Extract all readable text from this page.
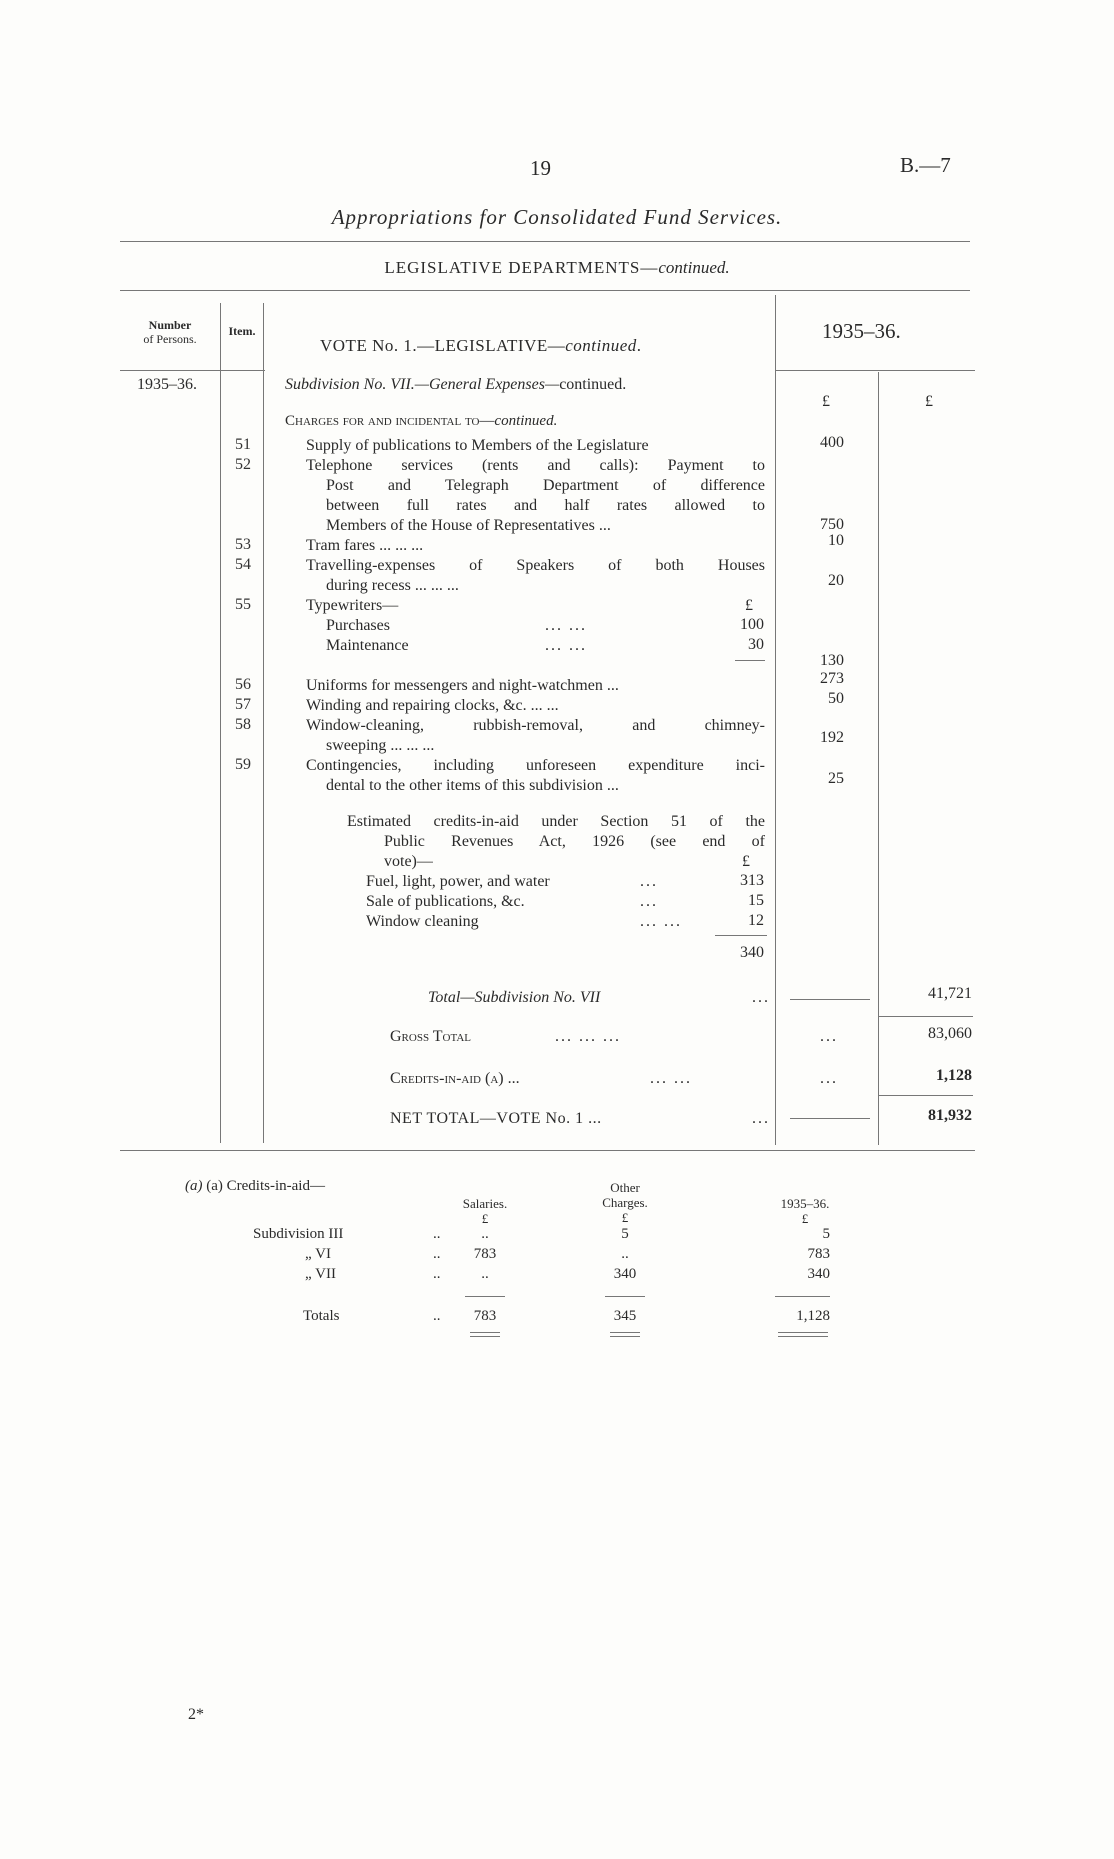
19	B.—7
Appropriations for Consolidated Fund Services.
LEGISLATIVE DEPARTMENTS—continued.
Number
of Persons.
Item.
VOTE No. 1.—LEGISLATIVE—continued.
1935–36.
£	£
1935–36.	Subdivision No. VII.—General Expenses—continued.
Charges for and incidental to—continued.
51	Supply of publications to Members of the Legislature	400
52	Telephone services (rents and calls): Payment to
Post and Telegraph Department of difference
between full rates and half rates allowed to
Members of the House of Representatives ...	750
53	Tram fares ... ... ...	10
54	Travelling-expenses of Speakers of both Houses
during recess ... ... ...	20
55	Typewriters—	£
Purchases	... ...	100
Maintenance	... ...	30
130
56	Uniforms for messengers and night-watchmen ...	273
57	Winding and repairing clocks, &c. ... ...	50
58	Window-cleaning, rubbish-removal, and chimney-
sweeping ... ... ...	192
59	Contingencies, including unforeseen expenditure inci-
dental to the other items of this subdivision ...	25
Estimated credits-in-aid under Section 51 of the
Public Revenues Act, 1926 (see end of
vote)—	£
Fuel, light, power, and water	...	313
Sale of publications, &c.	...	15
Window cleaning	... ...	12
340
Total—Subdivision No. VII	...	41,721
Gross Total	... ... ...	...	83,060
Credits-in-aid (a) ...	... ...	...	1,128
NET TOTAL—VOTE No. 1 ...	...	81,932
(a) (a) Credits-in-aid—
Salaries.
£
Other
Charges.
£
1935–36.
£
Subdivision III	..	..	5	5
„ VI	..	783	..	783
„ VII	..	..	340	340
Totals	..	783	345	1,128
2*
